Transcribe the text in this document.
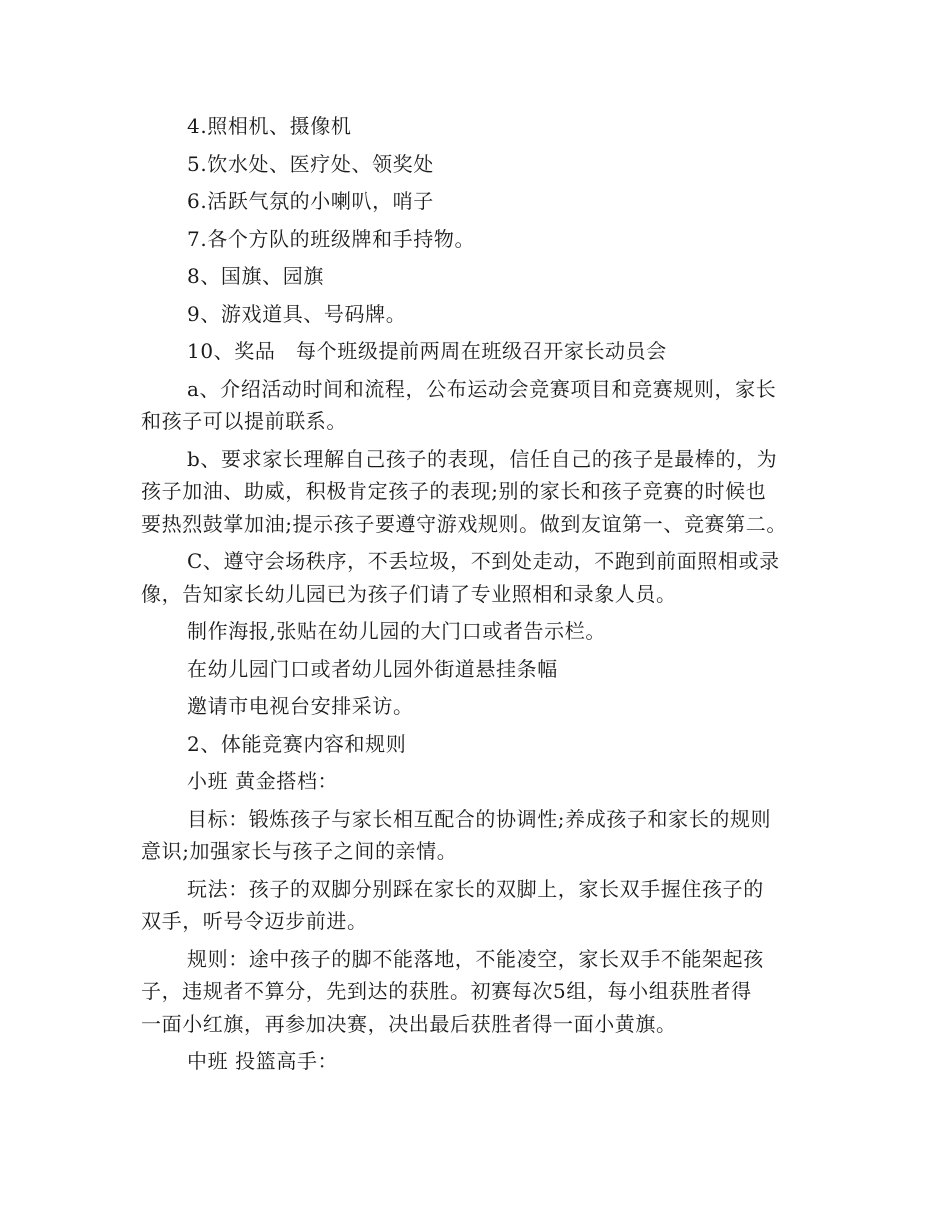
4.照相机、摄像机
5.饮水处、医疗处、领奖处
6.活跃气氛的小喇叭，哨子
7.各个方队的班级牌和手持物。
8、国旗、园旗
9、游戏道具、号码牌。
10、奖品　每个班级提前两周在班级召开家长动员会
a、介绍活动时间和流程，公布运动会竞赛项目和竞赛规则，家长
和孩子可以提前联系。
b、要求家长理解自己孩子的表现，信任自己的孩子是最棒的，为
孩子加油、助威，积极肯定孩子的表现;别的家长和孩子竞赛的时候也
要热烈鼓掌加油;提示孩子要遵守游戏规则。做到友谊第一、竞赛第二。
C、遵守会场秩序，不丢垃圾，不到处走动，不跑到前面照相或录
像，告知家长幼儿园已为孩子们请了专业照相和录象人员。
制作海报,张贴在幼儿园的大门口或者告示栏。
在幼儿园门口或者幼儿园外街道悬挂条幅
邀请市电视台安排采访。
2、体能竞赛内容和规则
小班 黄金搭档：
目标：锻炼孩子与家长相互配合的协调性;养成孩子和家长的规则
意识;加强家长与孩子之间的亲情。
玩法：孩子的双脚分别踩在家长的双脚上，家长双手握住孩子的
双手，听号令迈步前进。
规则：途中孩子的脚不能落地，不能凌空，家长双手不能架起孩
子，违规者不算分，先到达的获胜。初赛每次5组，每小组获胜者得
一面小红旗，再参加决赛，决出最后获胜者得一面小黄旗。
中班 投篮高手：
